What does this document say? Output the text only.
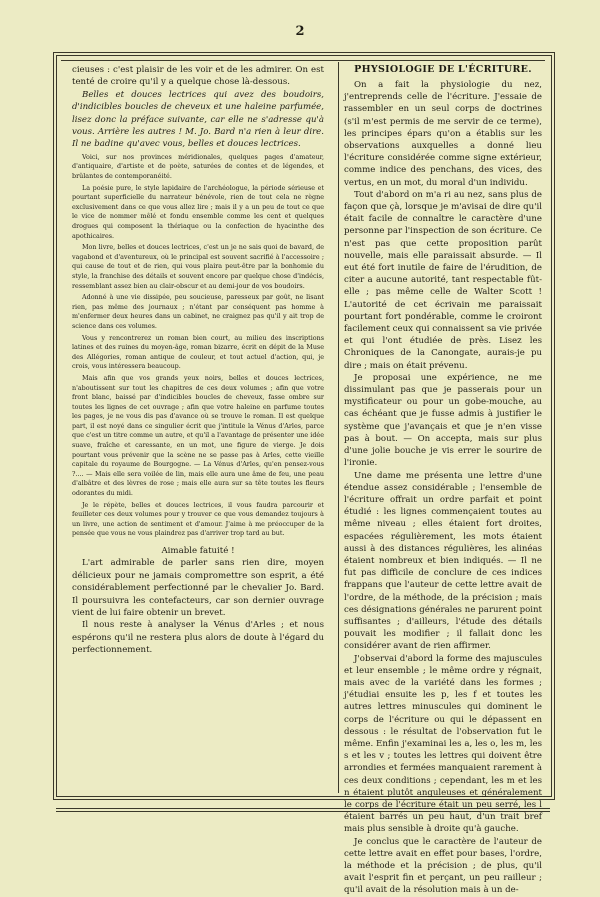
2

cieuses : c'est plaisir de les voir et de les admirer. On est tenté de croire qu'il y a quelque chose là-dessous.

Belles et douces lectrices qui avez des boudoirs, d'indicibles boucles de cheveux et une haleine parfumée, lisez donc la préface suivante, car elle ne s'adresse qu'à vous. Arrière les autres ! M. Jo. Bard n'a rien à leur dire. Il ne badine qu'avec vous, belles et douces lectrices.

Voici, sur nos provinces méridionales, quelques pages d'amateur, d'antiquaire, d'artiste et de poète, saturées de contes et de légendes, et brûlantes de contemporanéité.

La poésie pure, le style lapidaire de l'archéologue, la période sérieuse et pourtant superficielle du narrateur bénévole, rien de tout cela ne règne exclusivement dans ce que vous allez lire ; mais il y a un peu de tout ce que le vice de nommer mêlé et fondu ensemble comme les cent et quelques drogues qui composent la thériaque ou la confection de hyacinthe des apothicaires.

Mon livre, belles et douces lectrices, c'est un je ne sais quoi de bavard, de vagabond et d'aventureux, où le principal est souvent sacrifié à l'accessoire ; qui cause de tout et de rien, qui vous plaira peut-être par la bonhomie du style, la franchise des détails et souvent encore par quelque chose d'indécis, ressemblant assez bien au clair-obscur et au demi-jour de vos boudoirs.

Adonné à une vie dissipée, peu soucieuse, paresseux par goût, ne lisant rien, pas même des journaux ; n'étant par conséquent pas homme à m'enfermer deux heures dans un cabinet, ne craignez pas qu'il y ait trop de science dans ces volumes.

Vous y rencontrerez un roman bien court, au milieu des inscriptions latines et des ruines du moyen-âge, roman bizarre, écrit en dépit de la Muse des Allégories, roman antique de couleur, et tout actuel d'action, qui, je crois, vous intéressera beaucoup.

Mais afin que vos grands yeux noirs, belles et douces lectrices, n'aboutissent sur tout les chapitres de ces deux volumes ; afin que votre front blanc, baissé par d'indicibles boucles de cheveux, fasse ombre sur toutes les lignes de cet ouvrage ; afin que votre haleine en parfume toutes les pages, je ne vous dis pas d'avance où se trouve le roman. Il est quelque part, il est noyé dans ce singulier écrit que j'intitule la Vénus d'Arles, parce que c'est un titre comme un autre, et qu'il a l'avantage de présenter une idée suave, fraîche et caressante, en un mot, une figure de vierge. Je dois pourtant vous prévenir que la scène ne se passe pas à Arles, cette vieille capitale du royaume de Bourgogne. — La Vénus d'Arles, qu'en pensez-vous ?.... — Mais elle sera voilée de lin, mais elle aura une âme de feu, une peau d'albâtre et des lèvres de rose ; mais elle aura sur sa tête toutes les fleurs odorantes du midi.

Je le répète, belles et douces lectrices, il vous faudra parcourir et feuilleter ces deux volumes pour y trouver ce que vous demandez toujours à un livre, une action de sentiment et d'amour. J'aime à me préoccuper de la pensée que vous ne vous plaindrez pas d'arriver trop tard au but.

Aimable fatuité !

L'art admirable de parler sans rien dire, moyen délicieux pour ne jamais compromettre son esprit, a été considérablement perfectionné par le chevalier Jo. Bard. Il poursuivra les contefacteurs, car son dernier ouvrage vient de lui faire obtenir un brevet.

Il nous reste à analyser la Vénus d'Arles ; et nous espérons qu'il ne restera plus alors de doute à l'égard du perfectionnement.

PHYSIOLOGIE DE L'ÉCRITURE.

On a fait la physiologie du nez, j'entreprends celle de l'écriture. J'essaie de rassembler en un seul corps de doctrines (s'il m'est permis de me servir de ce terme), les principes épars qu'on a établis sur les observations auxquelles a donné lieu l'écriture considérée comme signe extérieur, comme indice des penchans, des vices, des vertus, en un mot, du moral d'un individu.

Tout d'abord on m'a ri au nez, sans plus de façon que çà, lorsque je m'avisai de dire qu'il était facile de connaître le caractère d'une personne par l'inspection de son écriture. Ce n'est pas que cette proposition parût nouvelle, mais elle paraissait absurde. — Il eut été fort inutile de faire de l'érudition, de citer a aucune autorité, tant respectable fût-elle ; pas même celle de Walter Scott ! L'autorité de cet écrivain me paraissait pourtant fort pondérable, comme le croiront facilement ceux qui connaissent sa vie privée et qui l'ont étudiée de près. Lisez les Chroniques de la Canongate, aurais-je pu dire ; mais on était prévenu.

Je proposai une expérience, ne me dissimulant pas que je passerais pour un mystificateur ou pour un gobe-mouche, au cas échéant que je fusse admis à justifier le système que j'avançais et que je n'en visse pas à bout. — On accepta, mais sur plus d'une jolie bouche je vis errer le sourire de l'ironie.

Une dame me présenta une lettre d'une étendue assez considérable ; l'ensemble de l'écriture offrait un ordre parfait et point étudié : les lignes commençaient toutes au même niveau ; elles étaient fort droites, espacées régulièrement, les mots étaient aussi à des distances régulières, les alinéas étaient nombreux et bien indiqués. — Il ne fut pas difficile de conclure de ces indices frappans que l'auteur de cette lettre avait de l'ordre, de la méthode, de la précision ; mais ces désignations générales ne parurent point suffisantes ; d'ailleurs, l'étude des détails pouvait les modifier ; il fallait donc les considérer avant de rien affirmer.

J'observai d'abord la forme des majuscules et leur ensemble ; le même ordre y régnait, mais avec de la variété dans les formes ; j'étudiai ensuite les p, les f et toutes les autres lettres minuscules qui dominent le corps de l'écriture ou qui le dépassent en dessous : le résultat de l'observation fut le même. Enfin j'examinai les a, les o, les m, les s et les v ; toutes les lettres qui doivent être arrondies et fermées manquaient rarement à ces deux conditions ; cependant, les m et les n étaient plutôt anguleuses et généralement le corps de l'écriture était un peu serré, les l étaient barrés un peu haut, d'un trait bref mais plus sensible à droite qu'à gauche.

Je conclus que le caractère de l'auteur de cette lettre avait en effet pour bases, l'ordre, la méthode et la précision ; de plus, qu'il avait l'esprit fin et perçant, un peu railleur ; qu'il avait de la résolution mais à un de-
